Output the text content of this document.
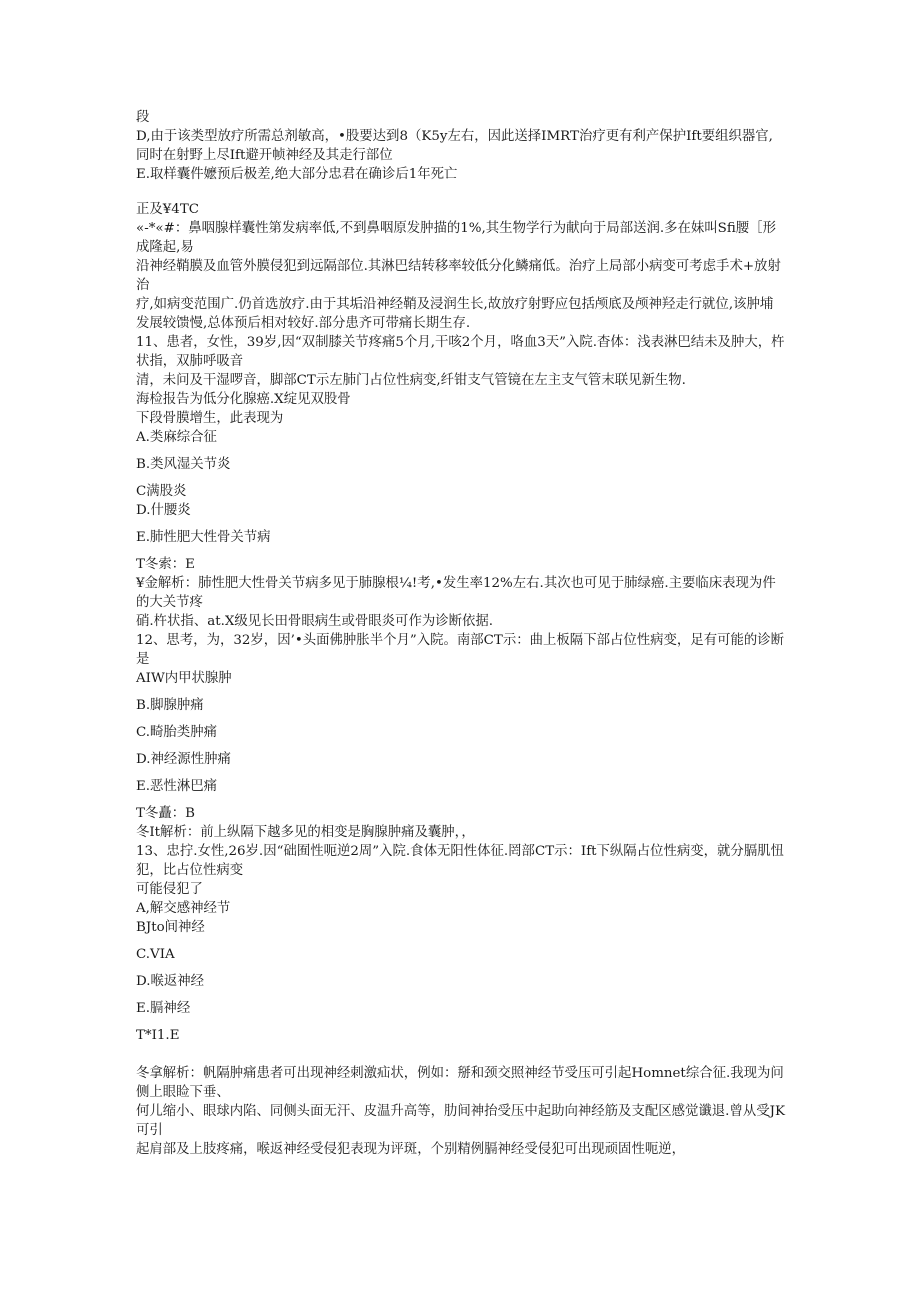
段
D,由于该类型放疗所需总剂敏高，•股要达到8（K5y左右，因此送择IMRT治疗更有利产保护Ift要组织器官,同时在射野上尽Ift避开帧神经及其走行部位
E.取样囊件嬷预后极差,绝大部分忠君在确诊后1年死亡
正及¥4TC
«-*«#：鼻咽腺样囊性第发病率低,不到鼻咽原发肿描的1%,其生物学行为献向于局部送润.多在妹叫Sfi腰［形成隆起,易
沿神经鞘膜及血管外膜侵犯到远隔部位.其淋巴结转移率较低分化鳞痛低。治疗上局部小病变可考虑手术+放射治
疗,如病变范围广.仍首选放疗.由于其垢沿神经鞘及浸润生长,故放疗射野应包括颅底及颅神羟走行就位,该肿埔
发展较馈慢,总体预后相对较好.部分患齐可带痛长期生存.
11、患者，女性，39岁,因“双制膝关节疼痛5个月,干咳2个月，咯血3天”入院.杳体：浅表淋巴结未及肿大，杵状指，双肺呼吸音
清，未问及干湿啰音，脚部CT示左肺门占位性病变,纤钳支气管镜在左主支气管末联见新生物.
海检报告为低分化腺癌.X绽见双股骨
下段骨膜增生，此表现为
A.类麻综合征
B.类风湿关节炎
C满股炎
D.什腰炎
E.肺性肥大性骨关节病
T冬索：E
¥金解析：肺性肥大性骨关节病多见于肺腺根¼!考,•发生率12%左右.其次也可见于肺绿癌.主要临床表现为件的大关节疼
硝.杵状指、at.X级见长田骨眼病生或骨眼炎可作为诊断依据.
12、思考，为，32岁，因’•头面佛肿胀半个月”入院。南部CT示：曲上板隔下部占位性病变，足有可能的诊断是
AIW内甲状腺肿
B.脚腺肿痛
C.畸胎类肿痛
D.神经源性肿痛
E.恶性淋巴痛
T冬矗：B
冬It解析：前上纵隔下越多见的相变是胸腺肿痛及囊肿，，
13、忠拧.女性,26岁.因“础囿性呃逆2周”入院.食体无阳性体征.罔部CT示：Ift下纵隔占位性病变，就分膈肌忸犯，比占位性病变
可能侵犯了
A,解交感神经节
BJto间神经
C.VIA
D.喉返神经
E.膈神经
T*I1.E
冬拿解析：帆隔肿痛患者可出现神经刺激疝状，例如：掰和颈交照神经节受压可引起Homnet综合征.我现为问侧上眼睑下垂、
何儿缩小、眼球内陷、同侧头面无汗、皮温升高等，肋间神抬受压中起助向神经筋及支配区感觉谶退.曾从受JK可引
起肩部及上肢疼痛，喉返神经受侵犯表现为评斑，个别精例膈神经受侵犯可出现顽固性呃逆，
